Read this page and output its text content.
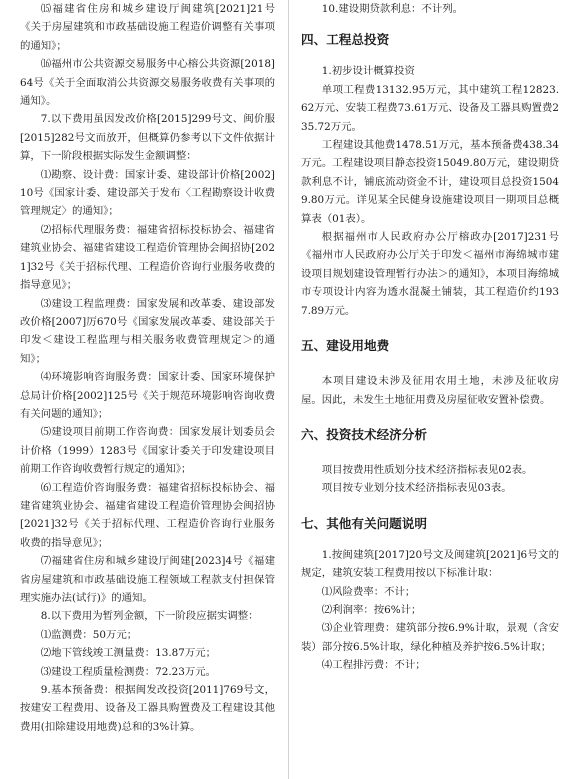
⒂福建省住房和城乡建设厅闽建筑[2021]21号《关于房屋建筑和市政基础设施工程造价调整有关事项的通知》；

⒃福州市公共资源交易服务中心榕公共资源[2018]64号《关于全面取消公共资源交易服务收费有关事项的通知》。

7.以下费用虽因发改价格[2015]299号文、闽价服[2015]282号文而放开，但概算仍参考以下文件依据计算，下一阶段根据实际发生金额调整：

⑴勘察、设计费：国家计委、建设部计价格[2002]10号《国家计委、建设部关于发布〈工程勘察设计收费管理规定〉的通知》；

⑵招标代理服务费：福建省招标投标协会、福建省建筑业协会、福建省建设工程造价管理协会闽招协[2021]32号《关于招标代理、工程造价咨询行业服务收费的指导意见》；

⑶建设工程监理费：国家发展和改革委、建设部发改价格[2007]厉670号《国家发展改革委、建设部关于印发＜建设工程监理与相关服务收费管理规定＞的通知》；

⑷环境影响咨询服务费：国家计委、国家环境保护总局计价格[2002]125号《关于规范环境影响咨询收费有关问题的通知》；

⑸建设项目前期工作咨询费：国家发展计划委员会计价格（1999）1283号《国家计委关于印发建设项目前期工作咨询收费暂行规定的通知》；

⑹工程造价咨询服务费：福建省招标投标协会、福建省建筑业协会、福建省建设工程造价管理协会闽招协[2021]32号《关于招标代理、工程造价咨询行业服务收费的指导意见》；

⑺福建省住房和城乡建设厅闽建[2023]4号《福建省房屋建筑和市政基础设施工程领域工程款支付担保管理实施办法(试行)》的通知。

8.以下费用为暂列金额，下一阶段应据实调整：

⑴监测费：50万元；

⑵地下管线竣工测量费：13.87万元；

⑶建设工程质量检测费：72.23万元。

9.基本预备费：根据闽发改投资[2011]769号文，按建安工程费用、设备及工器具购置费及工程建设其他费用(扣除建设用地费)总和的3%计算。

10.建设期贷款利息：不计列。

四、工程总投资

1.初步设计概算投资

单项工程费13132.95万元，其中建筑工程12823.62万元、安装工程费73.61万元、设备及工器具购置费235.72万元。

工程建设其他费1478.51万元，基本预备费438.34万元。工程建设项目静态投资15049.80万元，建设期贷款利息不计，铺底流动资金不计，建设项目总投资15049.80万元。详见某全民健身设施建设项目一期项目总概算表（01表）。

根据福州市人民政府办公厅榕政办[2017]231号《福州市人民政府办公厅关于印发＜福州市海绵城市建设项目规划建设管理暂行办法＞的通知》，本项目海绵城市专项设计内容为透水混凝土铺装，其工程造价约1937.89万元。

五、建设用地费

本项目建设未涉及征用农用土地，未涉及征收房屋。因此，未发生土地征用费及房屋征收安置补偿费。

六、投资技术经济分析

项目按费用性质划分技术经济指标表见02表。

项目按专业划分技术经济指标表见03表。

七、其他有关问题说明

1.按闽建筑[2017]20号文及闽建筑[2021]6号文的规定，建筑安装工程费用按以下标准计取：

⑴风险费率：不计；

⑵利润率：按6%计；

⑶企业管理费：建筑部分按6.9%计取，景观（含安装）部分按6.5%计取，绿化种植及养护按6.5%计取；

⑷工程排污费：不计；
